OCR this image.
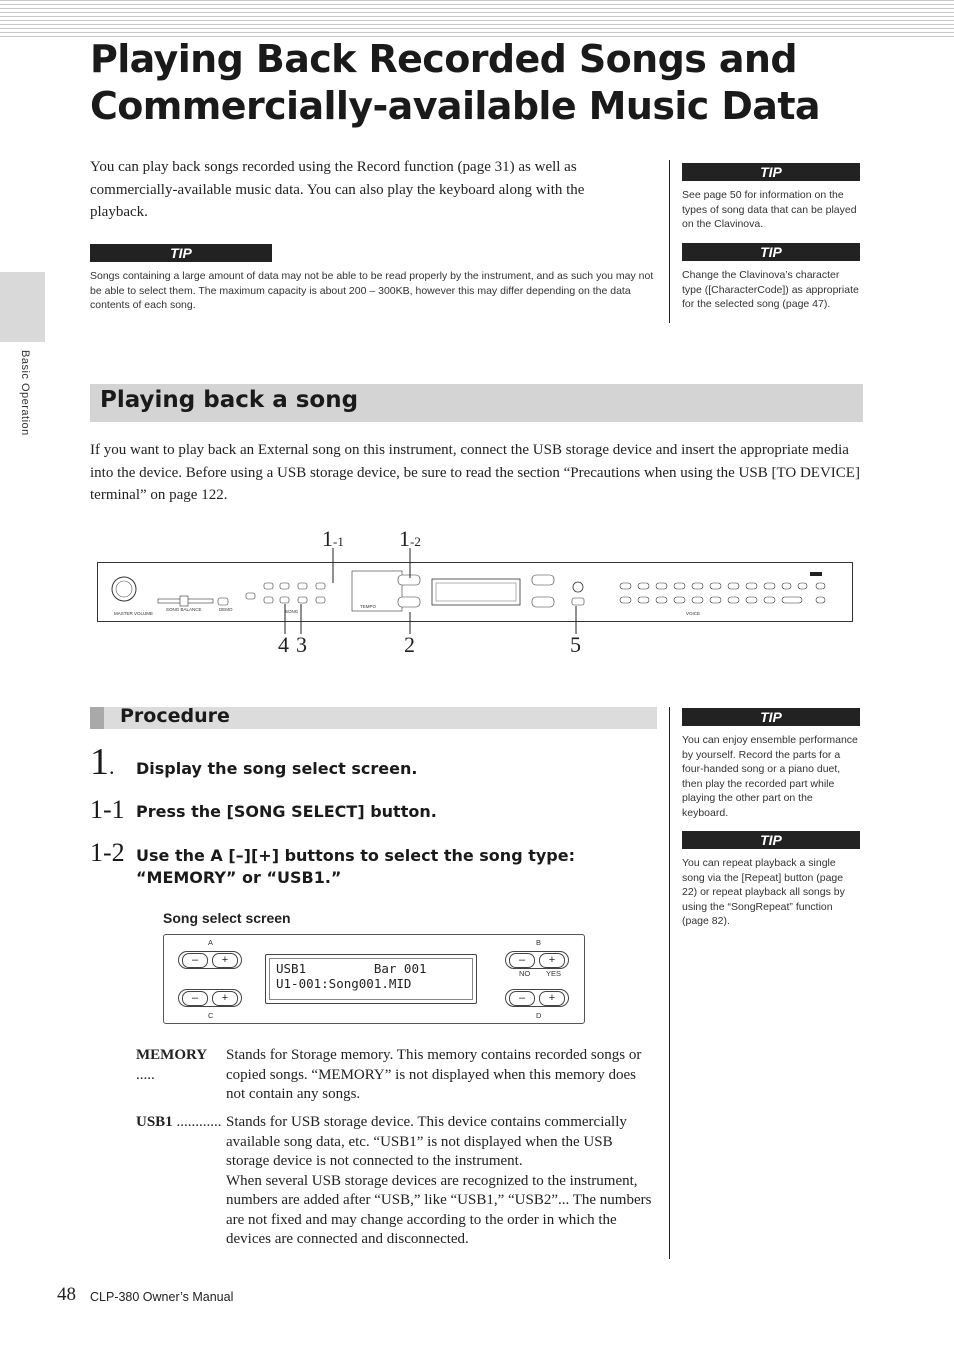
Basic Operation
Playing Back Recorded Songs and
Commercially-available Music Data
You can play back songs recorded using the Record function (page 31) as well as commercially-available music data. You can also play the keyboard along with the playback.
TIP
Songs containing a large amount of data may not be able to be read properly by the instrument, and as such you may not be able to select them. The maximum capacity is about 200 – 300KB, however this may differ depending on the data contents of each song.
TIP
See page 50 for information on the types of song data that can be played on the Clavinova.
TIP
Change the Clavinova’s character type ([CharacterCode]) as appropriate for the selected song (page 47).
Playing back a song
If you want to play back an External song on this instrument, connect the USB storage device and insert the appropriate media into the device. Before using a USB storage device, be sure to read the section “Precautions when using the USB [TO DEVICE] terminal” on page 122.
1-1	1-2
MASTER VOLUME
SONG BALANCE	DEMO	SONG
TEMPO
VOICE
4 3	2	5
Procedure
1. Display the song select screen.
1-1 Press the [SONG SELECT] button.
1-2 Use the A [–][+] buttons to select the song type:
“MEMORY” or “USB1.”
Song select screen
A	B
C	D
NO YES
–	+
–	+
–	+
–	+
USB1         Bar 001
U1-001:Song001.MID
MEMORY .....
Stands for Storage memory. This memory contains recorded songs or copied songs. “MEMORY” is not displayed when this memory does not contain any songs.
USB1 ............ Stands for USB storage device. This device contains commercially available song data, etc. “USB1” is not displayed when the USB storage device is not connected to the instrument.
When several USB storage devices are recognized to the instrument, numbers are added after “USB,” like “USB1,” “USB2”... The numbers are not fixed and may change according to the order in which the devices are connected and disconnected.
TIP
You can enjoy ensemble performance by yourself. Record the parts for a four-handed song or a piano duet, then play the recorded part while playing the other part on the keyboard.
TIP
You can repeat playback a single song via the [Repeat] button (page 22) or repeat playback all songs by using the “SongRepeat” function (page 82).
48 CLP-380 Owner’s Manual
